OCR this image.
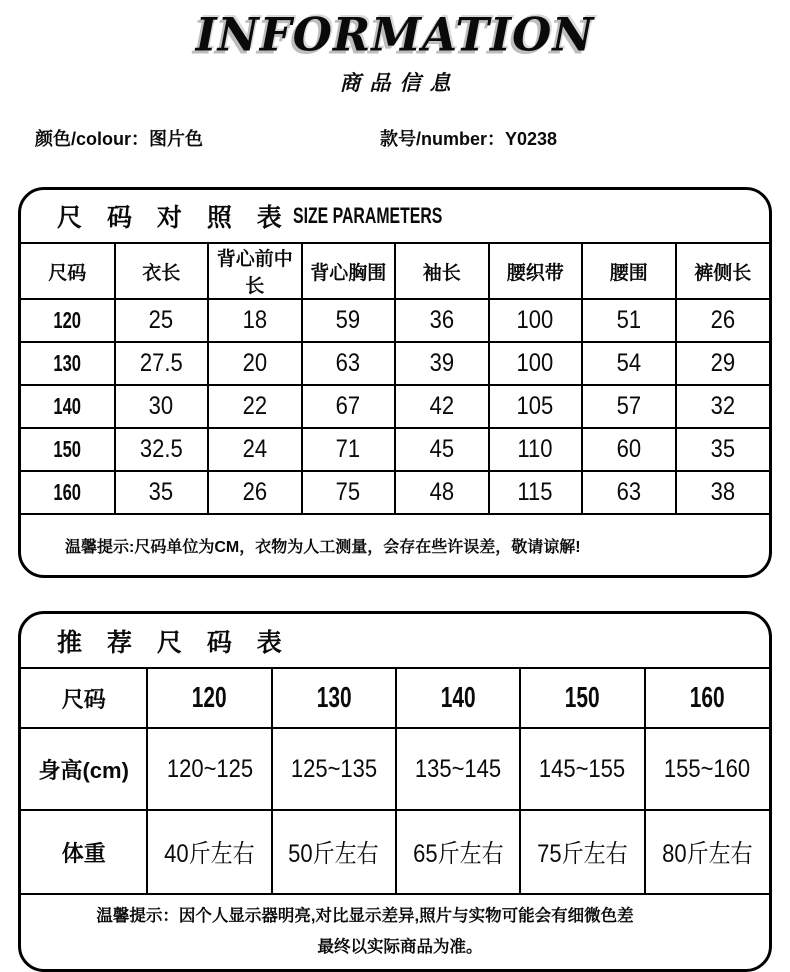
INFORMATION
商品信息
颜色/colour：图片色	款号/number：Y0238
尺 码 对 照 表 SIZE PARAMETERS
尺码	衣长	背心前中长	背心胸围	袖长	腰织带	腰围	裤侧长
120	25	18	59	36	100	51	26
130	27.5	20	63	39	100	54	29
140	30	22	67	42	105	57	32
150	32.5	24	71	45	110	60	35
160	35	26	75	48	115	63	38
温馨提示:尺码单位为CM，衣物为人工测量，会存在些许误差，敬请谅解!
推 荐 尺 码 表
尺码	120	130	140	150	160
身高(cm)	120~125	125~135	135~145	145~155	155~160
体重	40斤左右	50斤左右	65斤左右	75斤左右	80斤左右
温馨提示：因个人显示器明亮,对比显示差异,照片与实物可能会有细微色差
最终以实际商品为准。
